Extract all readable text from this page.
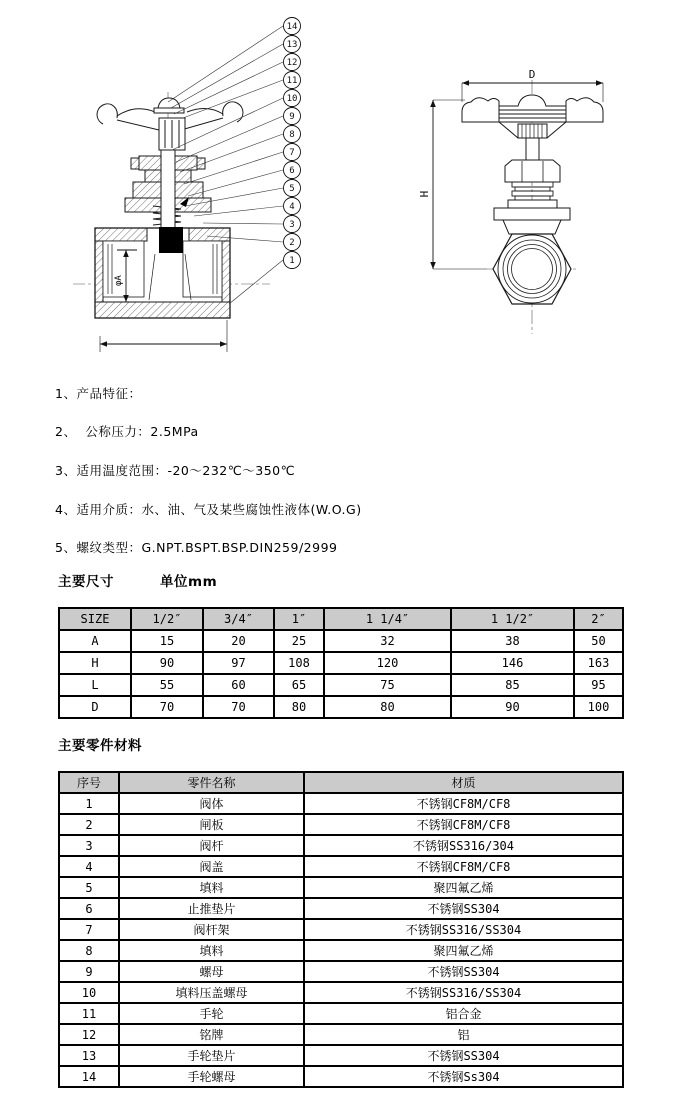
φA
14
13
12
11
10
9
8
7
6
5
4
3
2
1
D
H
1、产品特征：
2、  公称压力：2.5MPa
3、适用温度范围：-20～232℃～350℃
4、适用介质：水、油、气及某些腐蚀性液体(W.O.G)
5、螺纹类型：G.NPT.BSPT.BSP.DIN259/2999
主要尺寸	单位mm
SIZE	1/2″	3/4″	1″	1 1/4″	1 1/2″	2″
A	15	20	25	32	38	50
H	90	97	108	120	146	163
L	55	60	65	75	85	95
D	70	70	80	80	90	100
主要零件材料
序号	零件名称	材质
1	阀体	不锈钢CF8M/CF8
2	闸板	不锈钢CF8M/CF8
3	阀杆	不锈钢SS316/304
4	阀盖	不锈钢CF8M/CF8
5	填料	聚四氟乙烯
6	止推垫片	不锈钢SS304
7	阀杆架	不锈钢SS316/SS304
8	填料	聚四氟乙烯
9	螺母	不锈钢SS304
10	填料压盖螺母	不锈钢SS316/SS304
11	手轮	铝合金
12	铭牌	铝
13	手轮垫片	不锈钢SS304
14	手轮螺母	不锈钢Ss304
